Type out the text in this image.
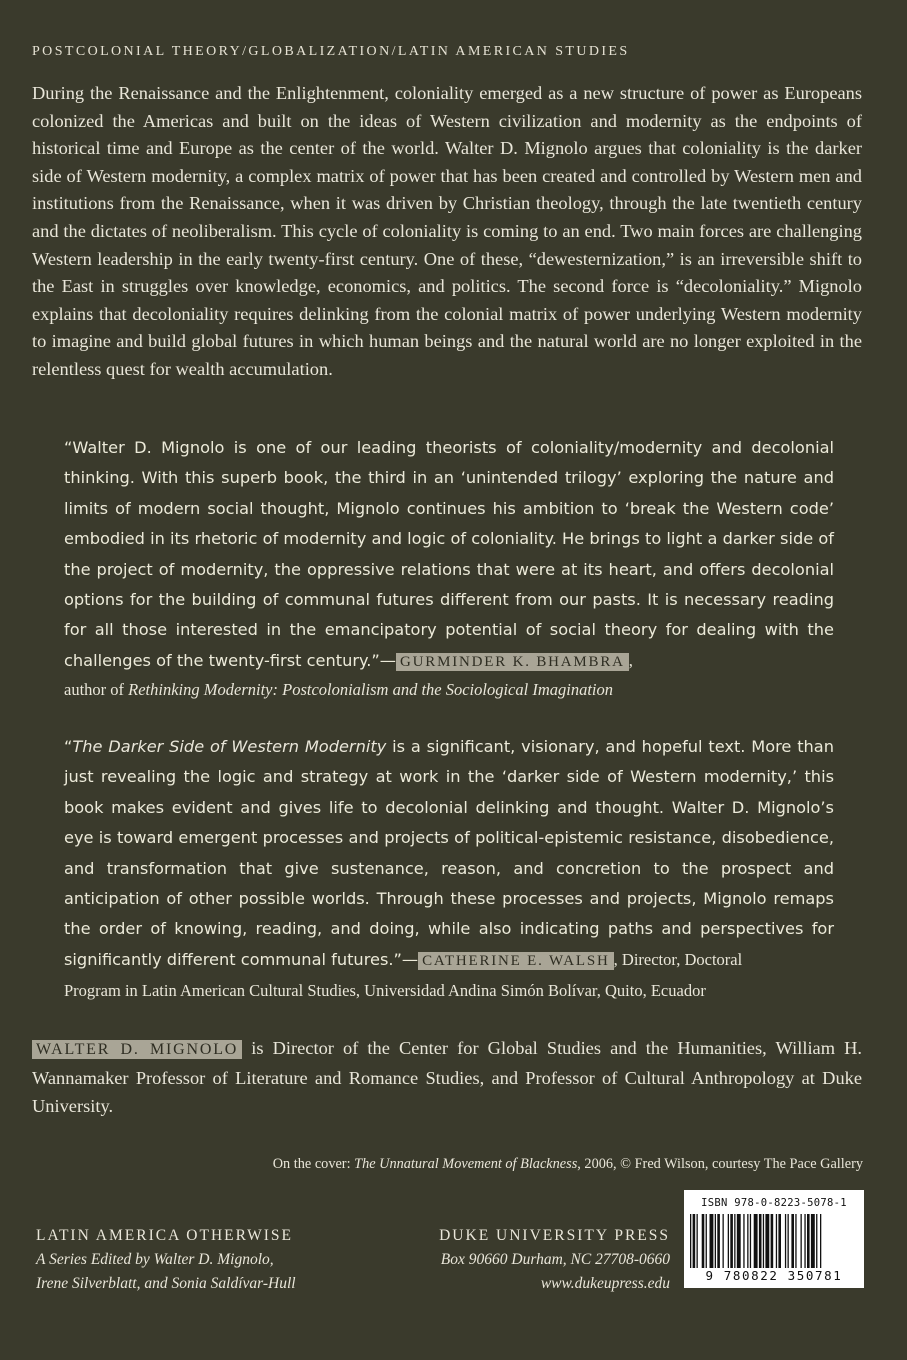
POSTCOLONIAL THEORY/GLOBALIZATION/LATIN AMERICAN STUDIES

During the Renaissance and the Enlightenment, coloniality emerged as a new structure of power as Europeans colonized the Americas and built on the ideas of Western civilization and modernity as the endpoints of historical time and Europe as the center of the world. Walter D. Mignolo argues that coloniality is the darker side of Western modernity, a complex matrix of power that has been created and controlled by Western men and institutions from the Renaissance, when it was driven by Christian theology, through the late twentieth century and the dictates of neoliberalism. This cycle of coloniality is coming to an end. Two main forces are challenging Western leadership in the early twenty-first century. One of these, “dewesternization,” is an irreversible shift to the East in struggles over knowledge, economics, and politics. The second force is “decoloniality.” Mignolo explains that decoloniality requires delinking from the colonial matrix of power underlying Western modernity to imagine and build global futures in which human beings and the natural world are no longer exploited in the relentless quest for wealth accumulation.

“Walter D. Mignolo is one of our leading theorists of coloniality/modernity and decolonial thinking. With this superb book, the third in an ‘unintended trilogy’ exploring the nature and limits of modern social thought, Mignolo continues his ambition to ‘break the Western code’ embodied in its rhetoric of modernity and logic of coloniality. He brings to light a darker side of the project of modernity, the oppressive relations that were at its heart, and offers decolonial options for the building of communal futures different from our pasts. It is necessary reading for all those interested in the emancipatory potential of social theory for dealing with the challenges of the twenty-first century.”— GURMINDER K. BHAMBRA ,
author of Rethinking Modernity: Postcolonialism and the Sociological Imagination
“The Darker Side of Western Modernity is a significant, visionary, and hopeful text. More than just revealing the logic and strategy at work in the ‘darker side of Western modernity,’ this book makes evident and gives life to decolonial delinking and thought. Walter D. Mignolo’s eye is toward emergent processes and projects of political-epistemic resistance, disobedience, and transformation that give sustenance, reason, and concretion to the prospect and anticipation of other possible worlds. Through these processes and projects, Mignolo remaps the order of knowing, reading, and doing, while also indicating paths and perspectives for significantly different communal futures.”— CATHERINE E. WALSH , Director, Doctoral
Program in Latin American Cultural Studies, Universidad Andina Simón Bolívar, Quito, Ecuador

WALTER D. MIGNOLO is Director of the Center for Global Studies and the Humanities, William H. Wannamaker Professor of Literature and Romance Studies, and Professor of Cultural Anthropology at Duke University.

On the cover: The Unnatural Movement of Blackness, 2006, © Fred Wilson, courtesy The Pace Gallery
LATIN AMERICA OTHERWISE
A Series Edited by Walter D. Mignolo,
Irene Silverblatt, and Sonia Saldívar-Hull
DUKE UNIVERSITY PRESS
Box 90660 Durham, NC 27708-0660
www.dukeupress.edu
ISBN 978-0-8223-5078-1
9 780822 350781
